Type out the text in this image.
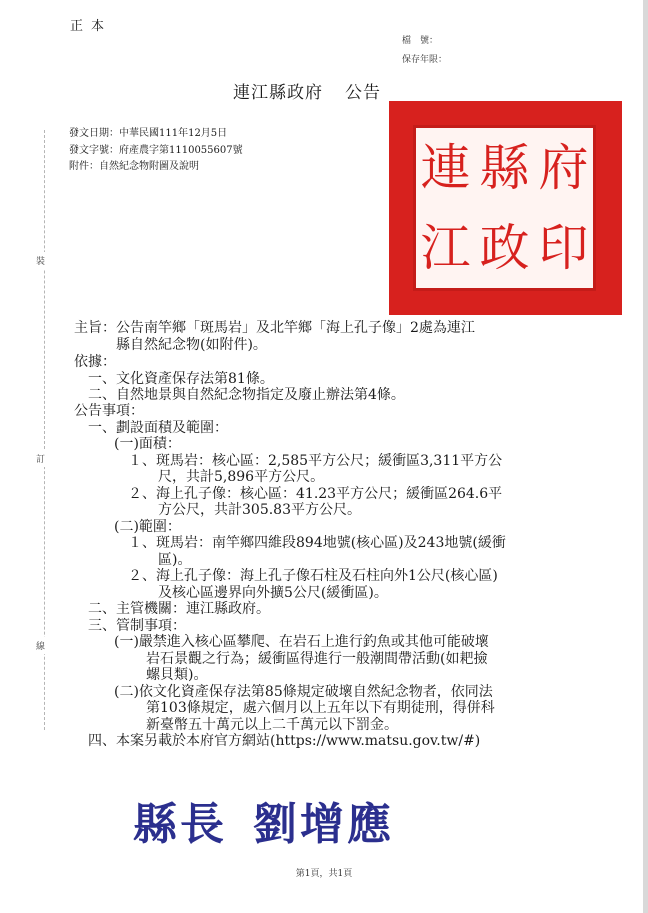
裝
訂
線
正本
檔　號：
保存年限：
連江縣政府 公告
發文日期：中華民國111年12月5日
發文字號：府產農字第1110055607號
附件：自然紀念物附圖及說明	連 縣 府
江 政 印
主旨：公告南竿鄉「斑馬岩」及北竿鄉「海上孔子像」2處為連江
縣自然紀念物(如附件)。
依據：
一、文化資產保存法第81條。
二、自然地景與自然紀念物指定及廢止辦法第4條。
公告事項：
一、劃設面積及範圍：
(一)面積：
１、斑馬岩：核心區：2,585平方公尺；緩衝區3,311平方公
尺，共計5,896平方公尺。
２、海上孔子像：核心區：41.23平方公尺；緩衝區264.6平
方公尺，共計305.83平方公尺。
(二)範圍：
１、斑馬岩：南竿鄉四維段894地號(核心區)及243地號(緩衝
區)。
２、海上孔子像：海上孔子像石柱及石柱向外1公尺(核心區)
及核心區邊界向外擴5公尺(緩衝區)。
二、主管機關：連江縣政府。
三、管制事項：
(一)嚴禁進入核心區攀爬、在岩石上進行釣魚或其他可能破壞
岩石景觀之行為；緩衝區得進行一般潮間帶活動(如耙撿
螺貝類)。
(二)依文化資產保存法第85條規定破壞自然紀念物者，依同法
第103條規定，處六個月以上五年以下有期徒刑，得併科
新臺幣五十萬元以上二千萬元以下罰金。
四、本案另載於本府官方網站(https://www.matsu.gov.tw/#)
縣長 劉增應
第1頁，共1頁
